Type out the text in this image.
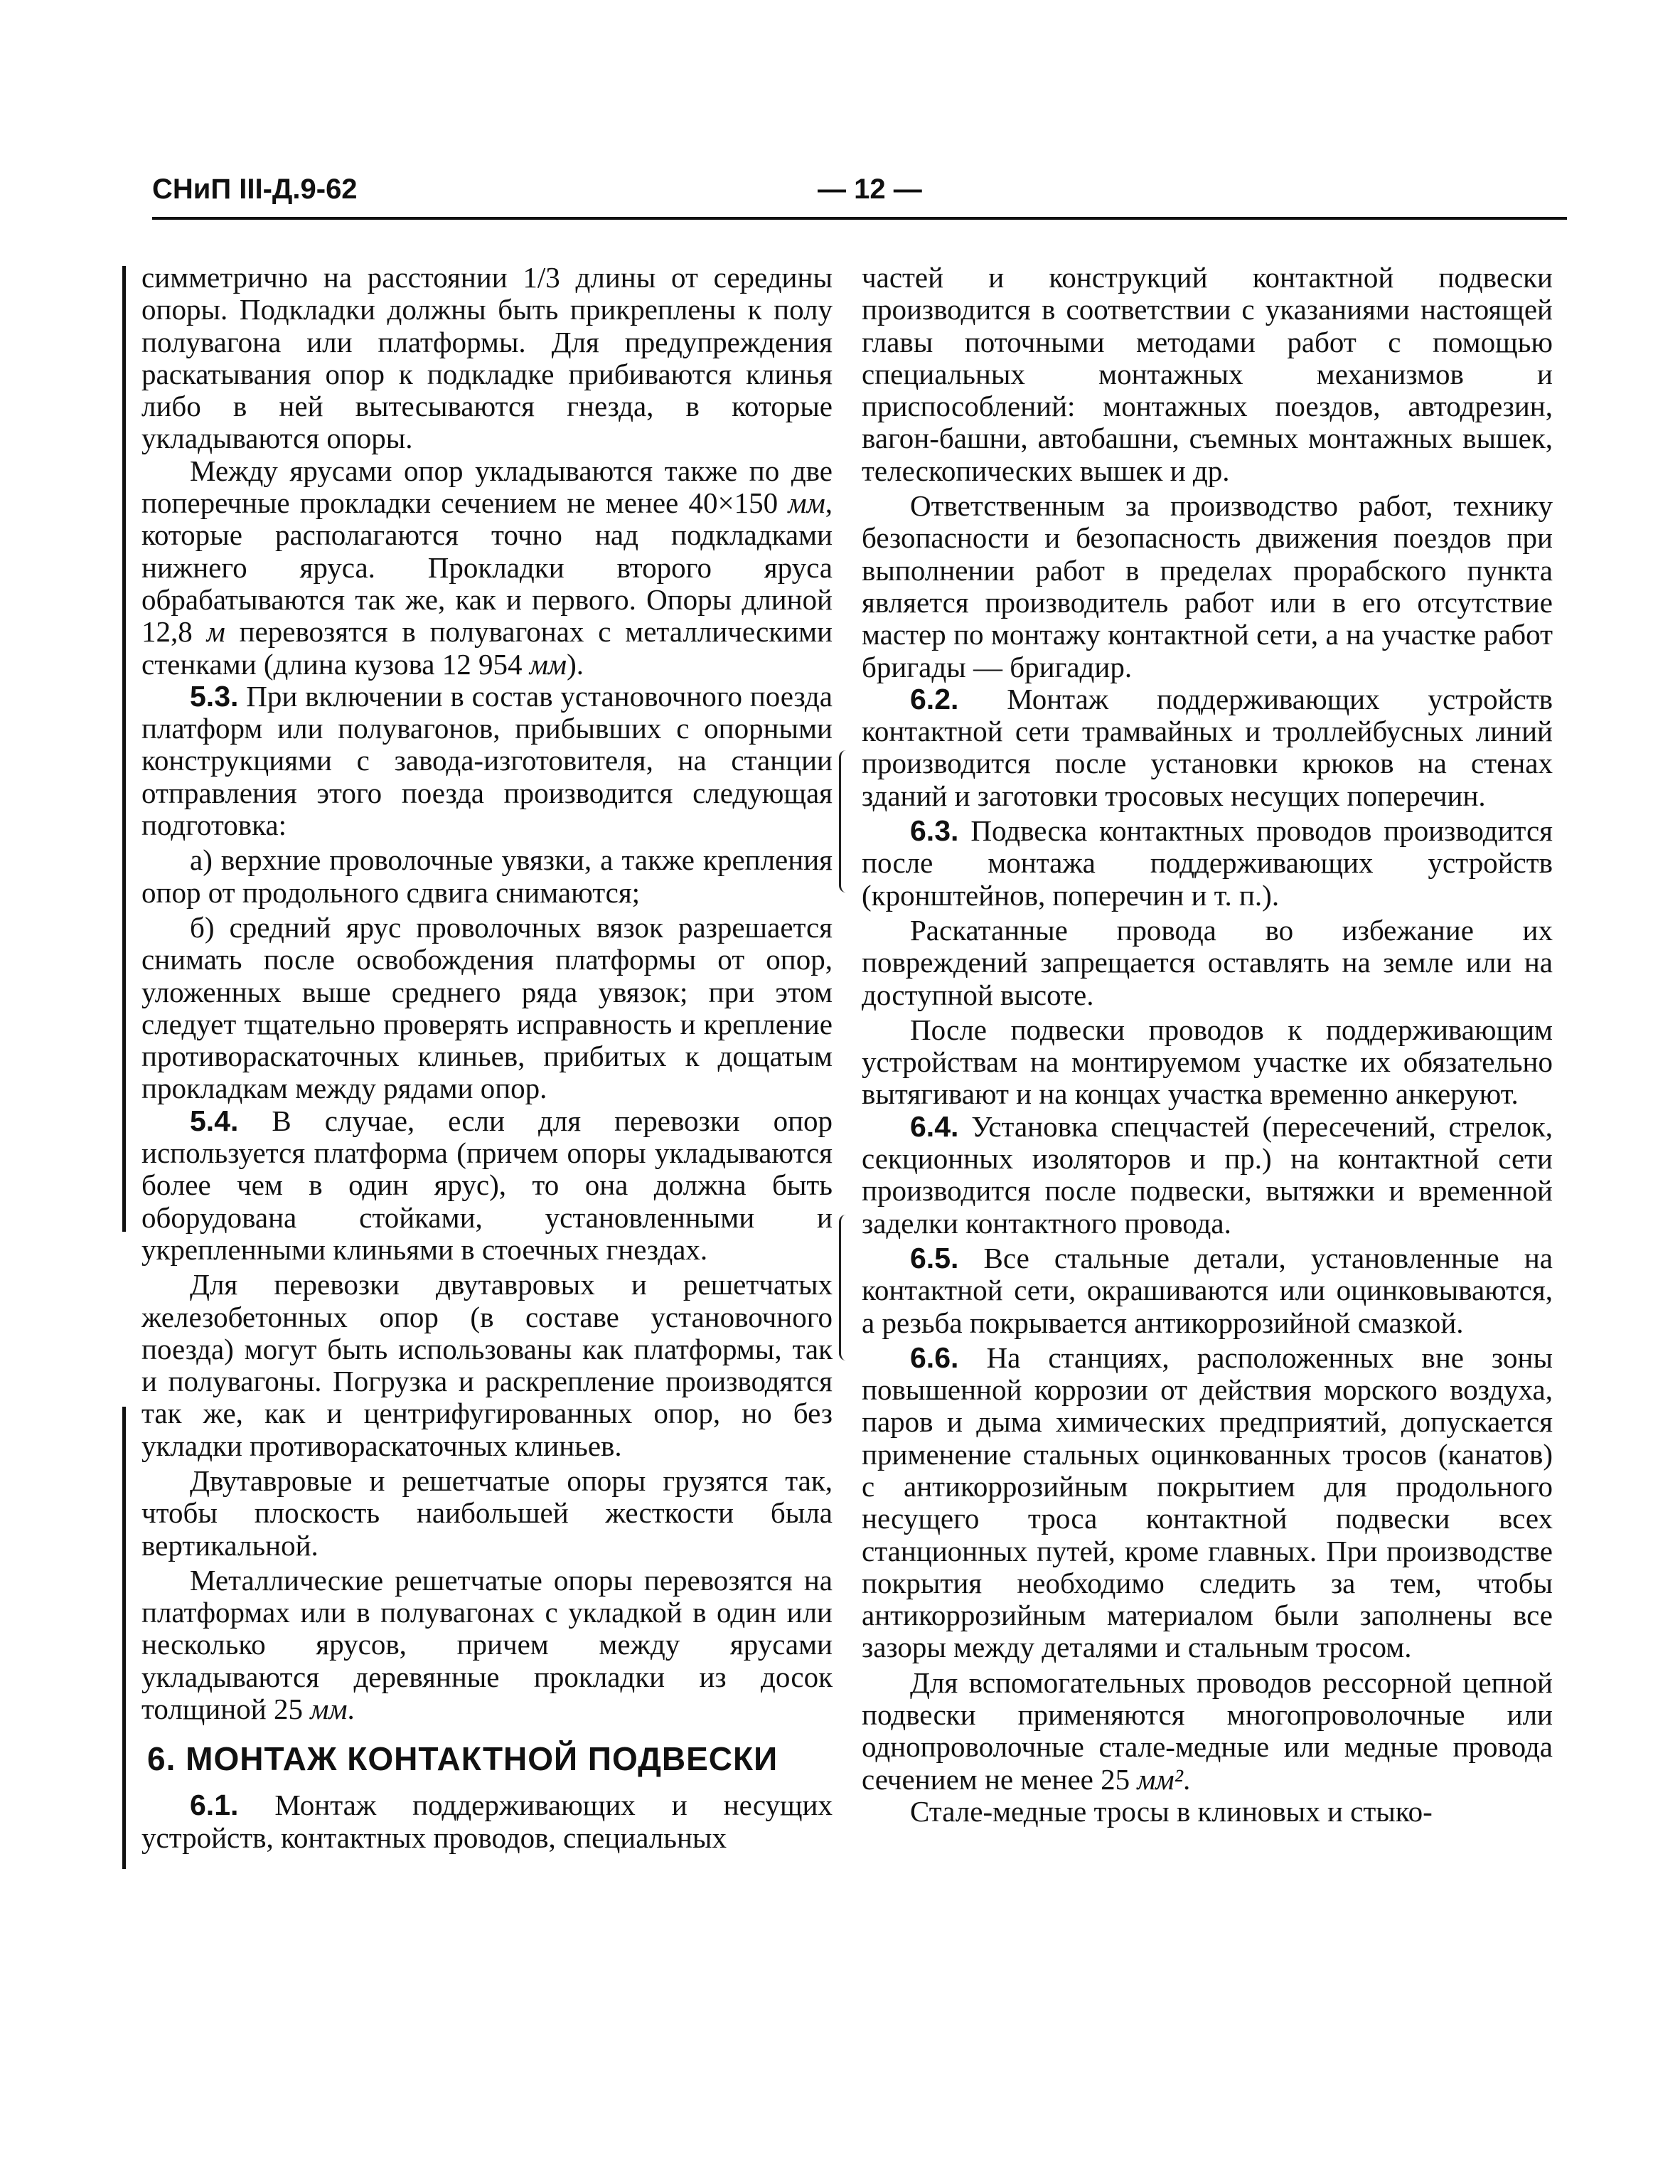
СНиП III-Д.9-62	— 12 —

симметрично на расстоянии 1/3 длины от середины опоры. Подкладки должны быть прикреплены к полу полувагона или платформы. Для предупреждения раскатывания опор к подкладке прибиваются клинья либо в ней вытесываются гнезда, в которые укладываются опоры.

Между ярусами опор укладываются также по две поперечные прокладки сечением не менее 40×150 мм, которые располагаются точно над подкладками нижнего яруса. Прокладки второго яруса обрабатываются так же, как и первого. Опоры длиной 12,8 м перевозятся в полувагонах с металлическими стенками (длина кузова 12 954 мм).

5.3. При включении в состав установочного поезда платформ или полувагонов, прибывших с опорными конструкциями с завода-изготовителя, на станции отправления этого поезда производится следующая подготовка:

а) верхние проволочные увязки, а также крепления опор от продольного сдвига снимаются;

б) средний ярус проволочных вязок разрешается снимать после освобождения платформы от опор, уложенных выше среднего ряда увязок; при этом следует тщательно проверять исправность и крепление противораскаточных клиньев, прибитых к дощатым прокладкам между рядами опор.

5.4. В случае, если для перевозки опор используется платформа (причем опоры укладываются более чем в один ярус), то она должна быть оборудована стойками, установленными и укрепленными клиньями в стоечных гнездах.

Для перевозки двутавровых и решетчатых железобетонных опор (в составе установочного поезда) могут быть использованы как платформы, так и полувагоны. Погрузка и раскрепление производятся так же, как и центрифугированных опор, но без укладки противораскаточных клиньев.

Двутавровые и решетчатые опоры грузятся так, чтобы плоскость наибольшей жесткости была вертикальной.

Металлические решетчатые опоры перевозятся на платформах или в полувагонах с укладкой в один или несколько ярусов, причем между ярусами укладываются деревянные прокладки из досок толщиной 25 мм.

6. МОНТАЖ КОНТАКТНОЙ ПОДВЕСКИ

6.1. Монтаж поддерживающих и несущих устройств, контактных проводов, специальных

частей и конструкций контактной подвески производится в соответствии с указаниями настоящей главы поточными методами работ с помощью специальных монтажных механизмов и приспособлений: монтажных поездов, автодрезин, вагон-башни, автобашни, съемных монтажных вышек, телескопических вышек и др.

Ответственным за производство работ, технику безопасности и безопасность движения поездов при выполнении работ в пределах прорабского пункта является производитель работ или в его отсутствие мастер по монтажу контактной сети, а на участке работ бригады — бригадир.

6.2. Монтаж поддерживающих устройств контактной сети трамвайных и троллейбусных линий производится после установки крюков на стенах зданий и заготовки тросовых несущих поперечин.

6.3. Подвеска контактных проводов производится после монтажа поддерживающих устройств (кронштейнов, поперечин и т. п.).

Раскатанные провода во избежание их повреждений запрещается оставлять на земле или на доступной высоте.

После подвески проводов к поддерживающим устройствам на монтируемом участке их обязательно вытягивают и на концах участка временно анкеруют.

6.4. Установка спецчастей (пересечений, стрелок, секционных изоляторов и пр.) на контактной сети производится после подвески, вытяжки и временной заделки контактного провода.

6.5. Все стальные детали, установленные на контактной сети, окрашиваются или оцинковываются, а резьба покрывается антикоррозийной смазкой.

6.6. На станциях, расположенных вне зоны повышенной коррозии от действия морского воздуха, паров и дыма химических предприятий, допускается применение стальных оцинкованных тросов (канатов) с антикоррозийным покрытием для продольного несущего троса контактной подвески всех станционных путей, кроме главных. При производстве покрытия необходимо следить за тем, чтобы антикоррозийным материалом были заполнены все зазоры между деталями и стальным тросом.

Для вспомогательных проводов рессорной цепной подвески применяются многопроволочные или однопроволочные стале-медные или медные провода сечением не менее 25 мм².

Стале-медные тросы в клиновых и стыко-
